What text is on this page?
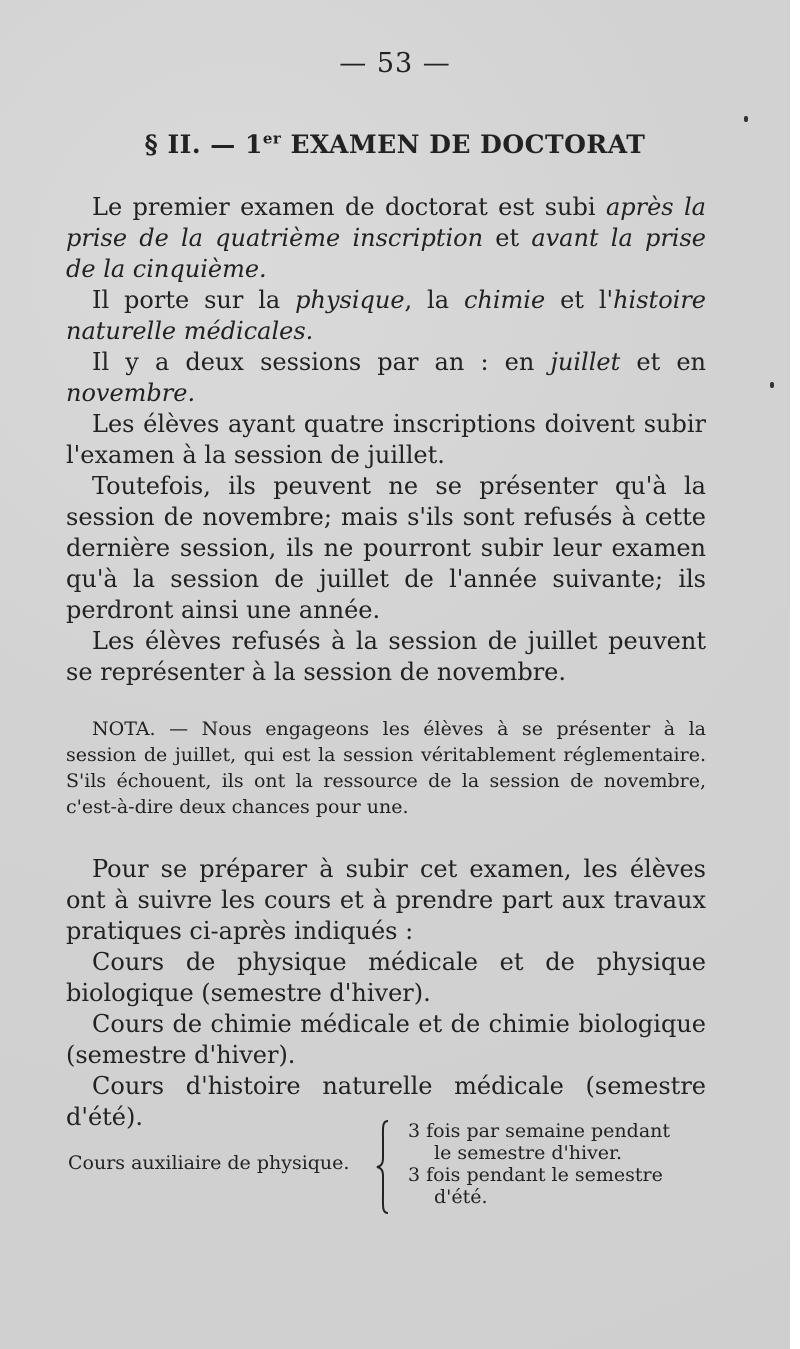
— 53 —
§ II. — 1er EXAMEN DE DOCTORAT

Le premier examen de doctorat est subi après la prise de la quatrième inscription et avant la prise de la cinquième.

Il porte sur la physique, la chimie et l'histoire naturelle médicales.

Il y a deux sessions par an : en juillet et en novembre.

Les élèves ayant quatre inscriptions doivent subir l'examen à la session de juillet.

Toutefois, ils peuvent ne se présenter qu'à la session de novembre; mais s'ils sont refusés à cette dernière session, ils ne pourront subir leur examen qu'à la session de juillet de l'année suivante; ils perdront ainsi une année.

Les élèves refusés à la session de juillet peuvent se représenter à la session de novembre.

NOTA. — Nous engageons les élèves à se présenter à la session de juillet, qui est la session véritablement réglementaire. S'ils échouent, ils ont la ressource de la session de novembre, c'est-à-dire deux chances pour une.

Pour se préparer à subir cet examen, les élèves ont à suivre les cours et à prendre part aux travaux pratiques ci-après indiqués :

Cours de physique médicale et de physique biologique (semestre d'hiver).

Cours de chimie médicale et de chimie biologique (semestre d'hiver).

Cours d'histoire naturelle médicale (semestre d'été).

Cours auxiliaire de physique.
3 fois par semaine pendant
le semestre d'hiver.
3 fois pendant le semestre
d'été.
